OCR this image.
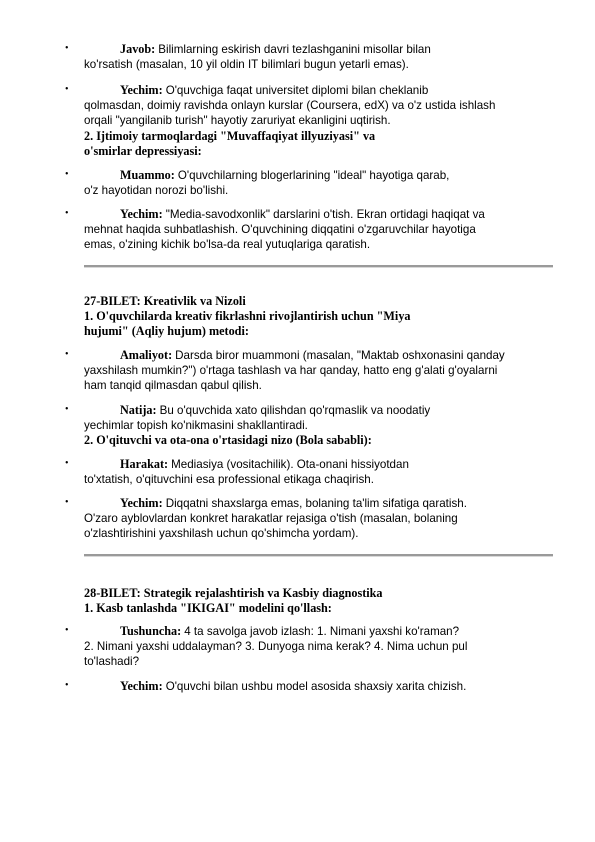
•	Javob: Bilimlarning eskirish davri tezlashganini misollar bilan
ko'rsatish (masalan, 10 yil oldin IT bilimlari bugun yetarli emas).
•	Yechim: O'quvchiga faqat universitet diplomi bilan cheklanib
qolmasdan, doimiy ravishda onlayn kurslar (Coursera, edX) va o'z ustida ishlash
orqali "yangilanib turish" hayotiy zaruriyat ekanligini uqtirish.
2. Ijtimoiy tarmoqlardagi "Muvaffaqiyat illyuziyasi" va
o'smirlar depressiyasi:
•	Muammo: O'quvchilarning blogerlarining "ideal" hayotiga qarab,
o'z hayotidan norozi bo'lishi.
•	Yechim: "Media-savodxonlik" darslarini o'tish. Ekran ortidagi haqiqat va
mehnat haqida suhbatlashish. O'quvchining diqqatini o'zgaruvchilar hayotiga
emas, o'zining kichik bo'lsa-da real yutuqlariga qaratish.
27-BILET: Kreativlik va Nizoli
1. O'quvchilarda kreativ fikrlashni rivojlantirish uchun "Miya
hujumi" (Aqliy hujum) metodi:
•	Amaliyot: Darsda biror muammoni (masalan, "Maktab oshxonasini qanday
yaxshilash mumkin?") o'rtaga tashlash va har qanday, hatto eng g'alati g'oyalarni
ham tanqid qilmasdan qabul qilish.
•	Natija: Bu o'quvchida xato qilishdan qo'rqmaslik va noodatiy
yechimlar topish ko'nikmasini shakllantiradi.
2. O'qituvchi va ota-ona o'rtasidagi nizo (Bola sababli):
•	Harakat: Mediasiya (vositachilik). Ota-onani hissiyotdan
to'xtatish, o'qituvchini esa professional etikaga chaqirish.
•	Yechim: Diqqatni shaxslarga emas, bolaning ta'lim sifatiga qaratish.
O'zaro ayblovlardan konkret harakatlar rejasiga o'tish (masalan, bolaning
o'zlashtirishini yaxshilash uchun qo'shimcha yordam).
28-BILET: Strategik rejalashtirish va Kasbiy diagnostika
1. Kasb tanlashda "IKIGAI" modelini qo'llash:
•	Tushuncha: 4 ta savolga javob izlash: 1. Nimani yaxshi ko'raman?
2. Nimani yaxshi uddalayman? 3. Dunyoga nima kerak? 4. Nima uchun pul
to'lashadi?
•	Yechim: O'quvchi bilan ushbu model asosida shaxsiy xarita chizish.
